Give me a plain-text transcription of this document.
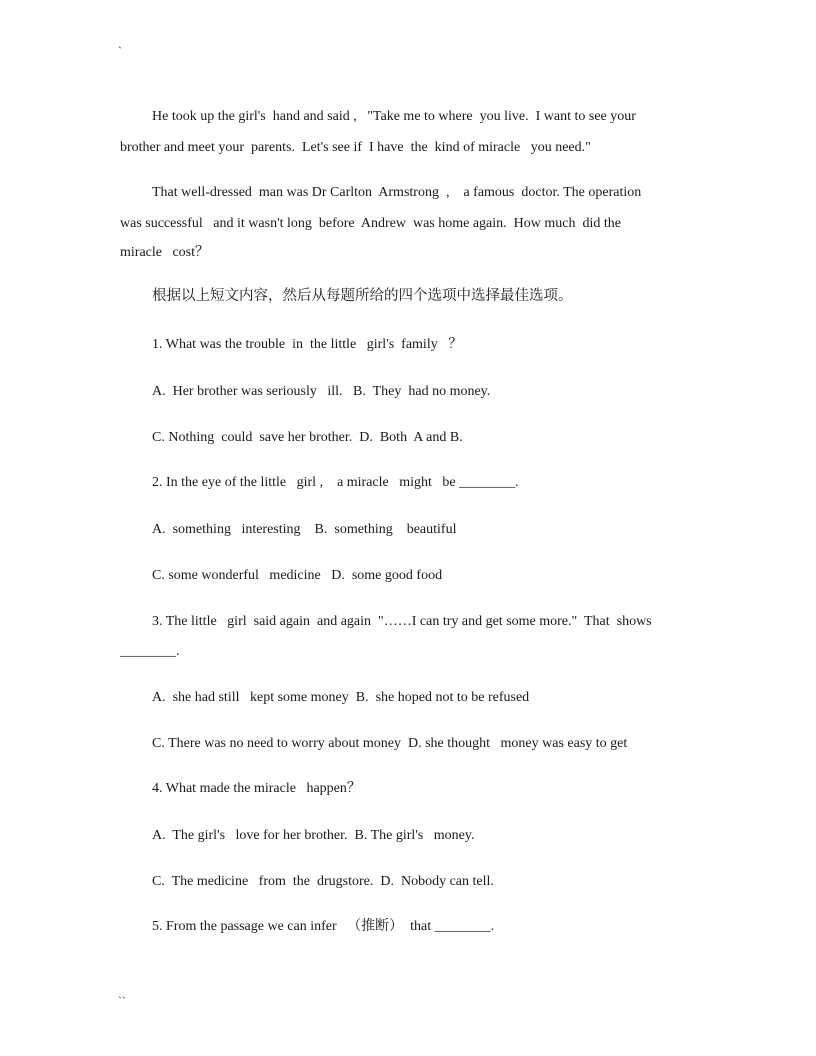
`
He took up the girl's  hand and said ,   "Take me to where  you live.  I want to see your
brother and meet your  parents.  Let's see if  I have  the  kind of miracle   you need."
That well-dressed  man was Dr Carlton  Armstrong  ,    a famous  doctor. The operation
was successful   and it wasn't long  before  Andrew  was home again.  How much  did the
miracle   cost？
根据以上短文内容，然后从每题所给的四个选项中选择最佳选项。
1. What was the trouble  in  the little   girl's  family   ？
A.  Her brother was seriously   ill.   B.  They  had no money.
C. Nothing  could  save her brother.  D.  Both  A and B.
2. In the eye of the little   girl ,    a miracle   might   be ________.
A.  something   interesting    B.  something    beautiful
C. some wonderful   medicine   D.  some good food
3. The little   girl  said again  and again  "……I can try and get some more."  That  shows
________.
A.  she had still   kept some money  B.  she hoped not to be refused
C. There was no need to worry about money  D. she thought   money was easy to get
4. What made the miracle   happen？
A.  The girl's   love for her brother.  B. The girl's   money.
C.  The medicine   from  the  drugstore.  D.  Nobody can tell.
5. From the passage we can infer   （推断）  that ________.
``
